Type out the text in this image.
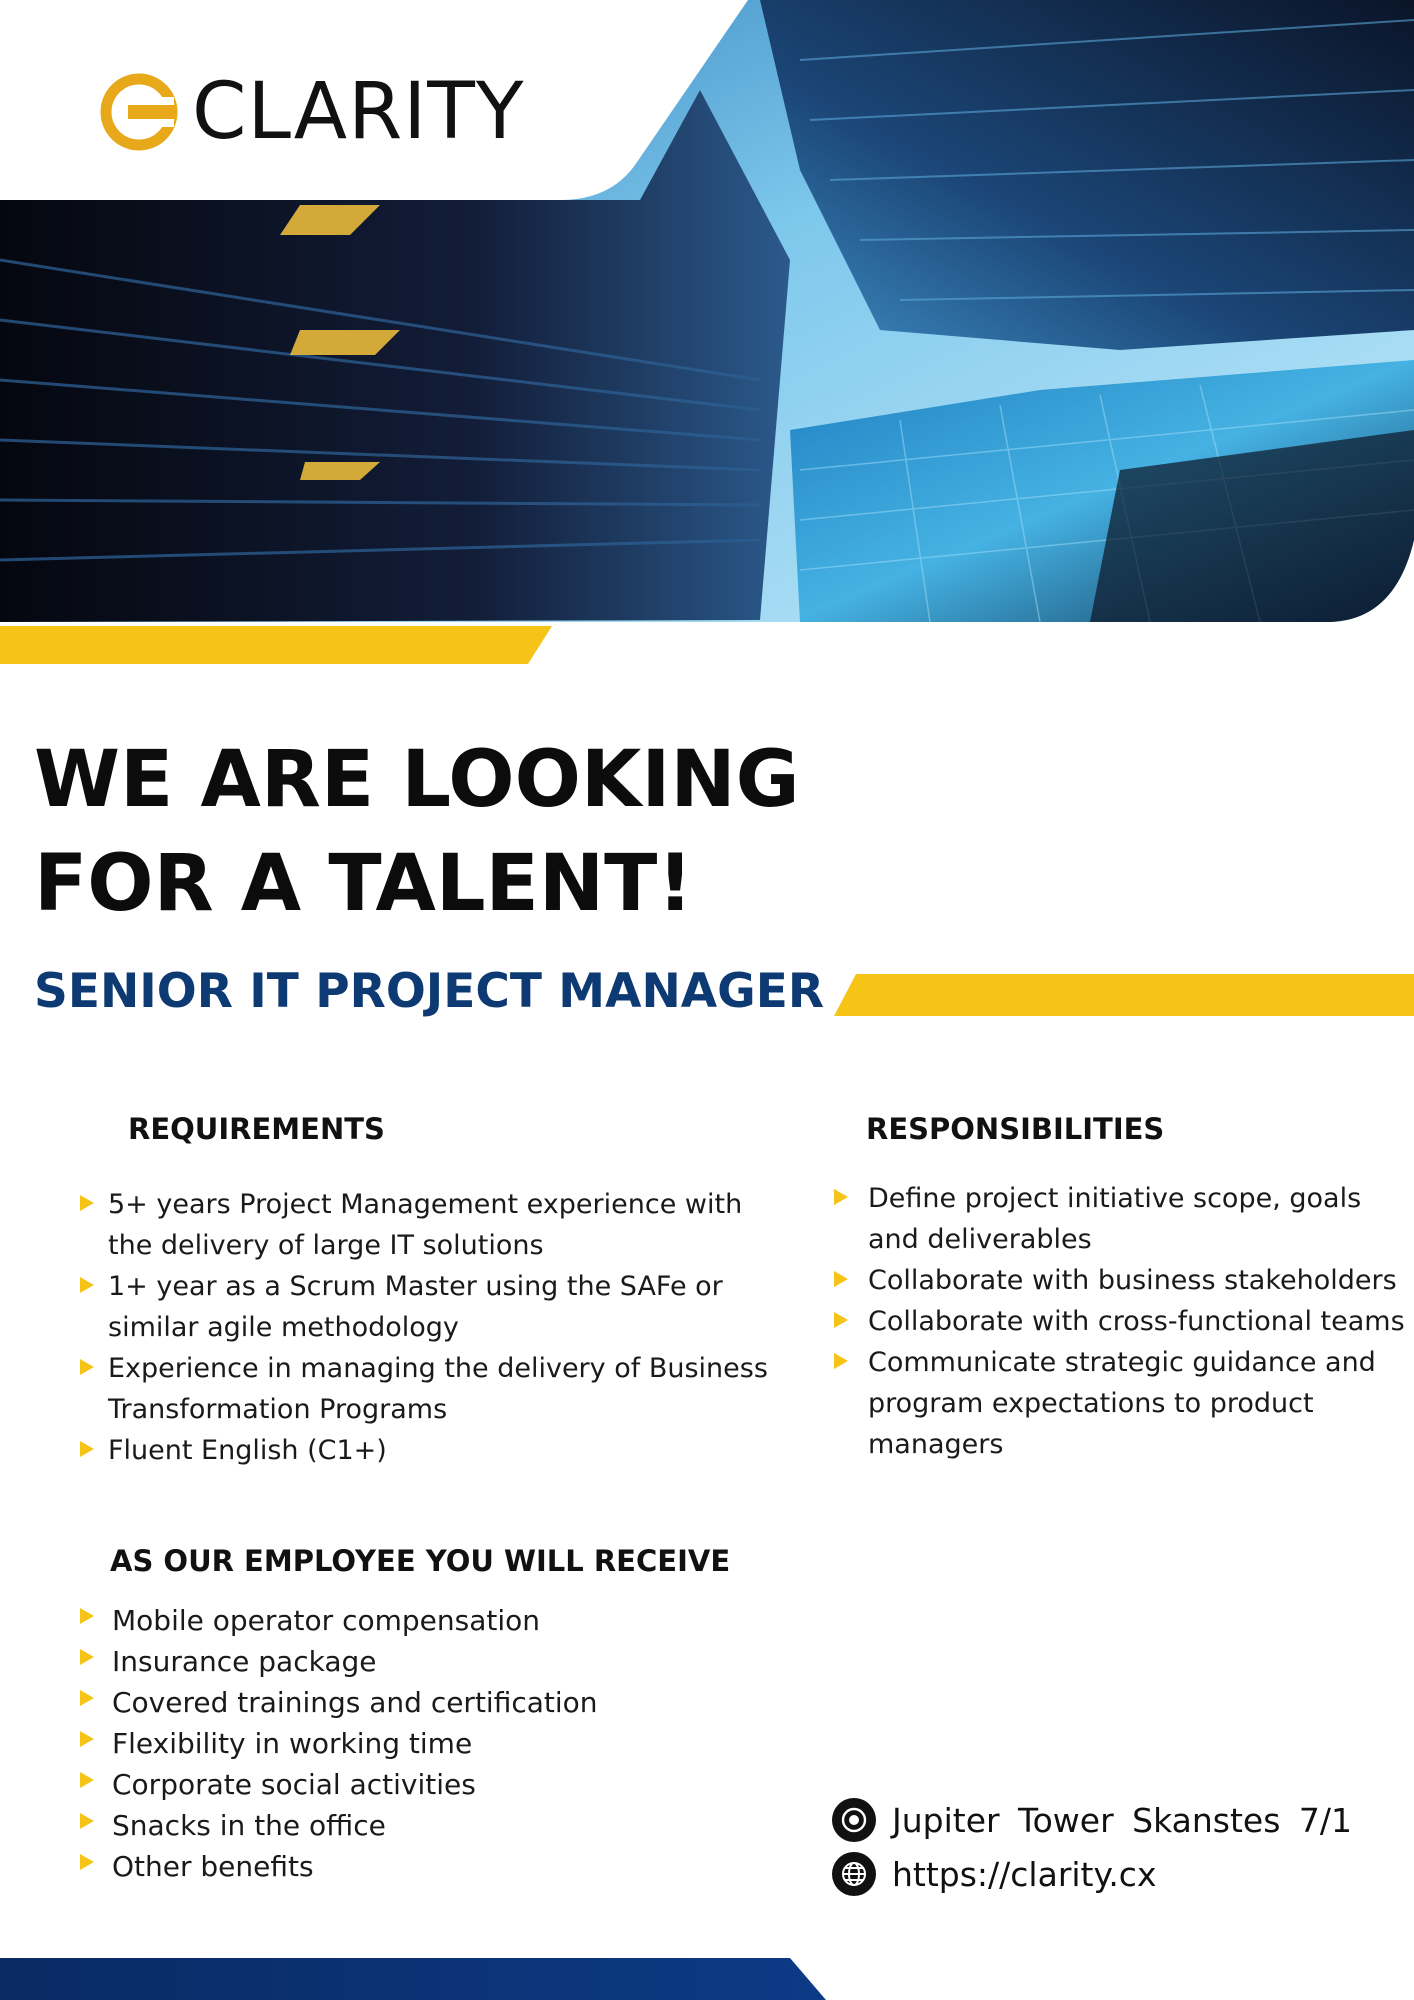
CLARITY
WE ARE LOOKING
FOR A TALENT!
SENIOR IT PROJECT MANAGER
REQUIREMENTS
5+ years Project Management experience with the delivery of large IT solutions
1+ year as a Scrum Master using the SAFe or similar agile methodology
Experience in managing the delivery of Business Transformation Programs
Fluent English (C1+)
RESPONSIBILITIES
Define project initiative scope, goals and deliverables
Collaborate with business stakeholders
Collaborate with cross-functional teams
Communicate strategic guidance and program expectations to product managers
AS OUR EMPLOYEE YOU WILL RECEIVE
Mobile operator compensation
Insurance package
Covered trainings and certification
Flexibility in working time
Corporate social activities
Snacks in the office
Other benefits
Jupiter Tower Skanstes 7/1
https://clarity.cx
